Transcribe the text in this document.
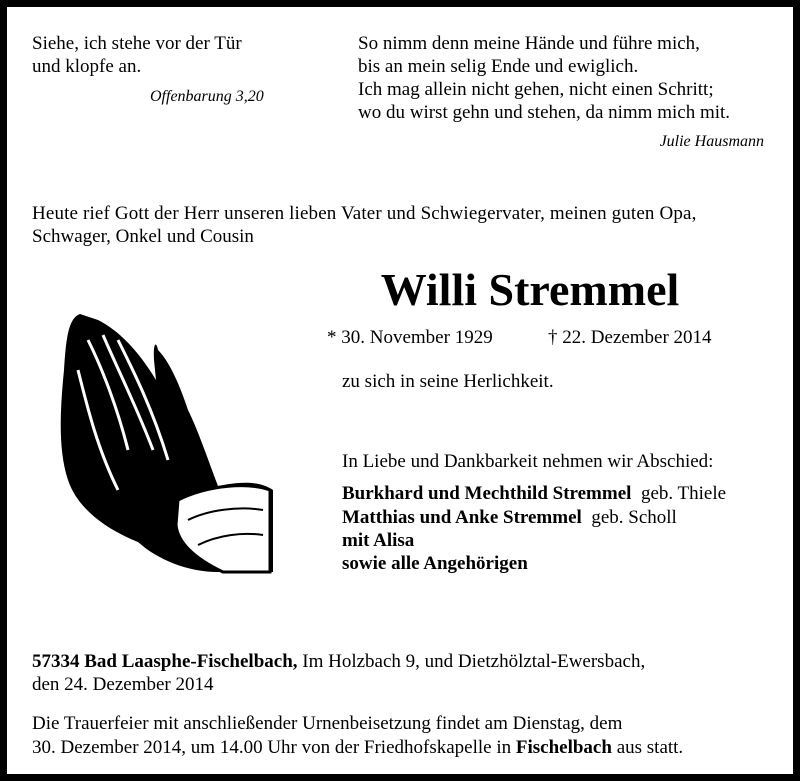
Siehe, ich stehe vor der Tür
und klopfe an.
Offenbarung 3,20
So nimm denn meine Hände und führe mich,
bis an mein selig Ende und ewiglich.
Ich mag allein nicht gehen, nicht einen Schritt;
wo du wirst gehn und stehen, da nimm mich mit.
Julie Hausmann
Heute rief Gott der Herr unseren lieben Vater und Schwiegervater, meinen guten Opa,
Schwager, Onkel und Cousin
Willi Stremmel
* 30. November 1929	† 22. Dezember 2014
zu sich in seine Herlichkeit.
In Liebe und Dankbarkeit nehmen wir Abschied:
Burkhard und Mechthild Stremmel geb. Thiele
Matthias und Anke Stremmel geb. Scholl
mit Alisa
sowie alle Angehörigen
57334 Bad Laasphe-Fischelbach, Im Holzbach 9, und Dietzhölztal-Ewersbach,
den 24. Dezember 2014
Die Trauerfeier mit anschließender Urnenbeisetzung findet am Dienstag, dem
30. Dezember 2014, um 14.00 Uhr von der Friedhofskapelle in Fischelbach aus statt.
